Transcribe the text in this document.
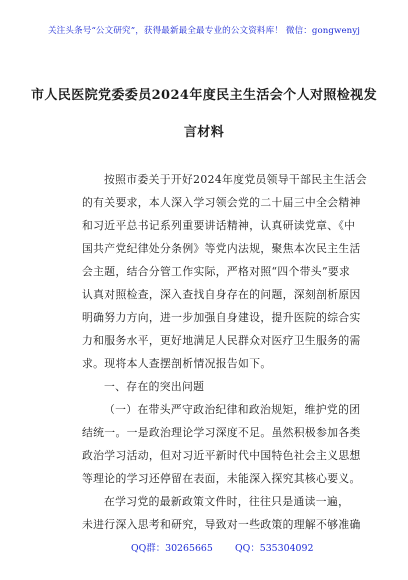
关注头条号“公文研究”，获得最新最全最专业的公文资料库！ 微信：gongwenyj
市人民医院党委委员2024年度民主生活会个人对照检视发
言材料
按照市委关于开好2024年度党员领导干部民主生活会
的有关要求，本人深入学习领会党的二十届三中全会精神
和习近平总书记系列重要讲话精神，认真研读党章、《中
国共产党纪律处分条例》等党内法规，聚焦本次民主生活
会主题，结合分管工作实际，严格对照“四个带头”要求
认真对照检查，深入查找自身存在的问题，深刻剖析原因
明确努力方向，进一步加强自身建设，提升医院的综合实
力和服务水平，更好地满足人民群众对医疗卫生服务的需
求。现将本人查摆剖析情况报告如下。
一、存在的突出问题
（一）在带头严守政治纪律和政治规矩，维护党的团
结统一。一是政治理论学习深度不足。虽然积极参加各类
政治学习活动，但对习近平新时代中国特色社会主义思想
等理论的学习还停留在表面，未能深入探究其核心要义。
在学习党的最新政策文件时，往往只是通读一遍，
未进行深入思考和研究，导致对一些政策的理解不够准确
QQ群：30265665 QQ：535304092
